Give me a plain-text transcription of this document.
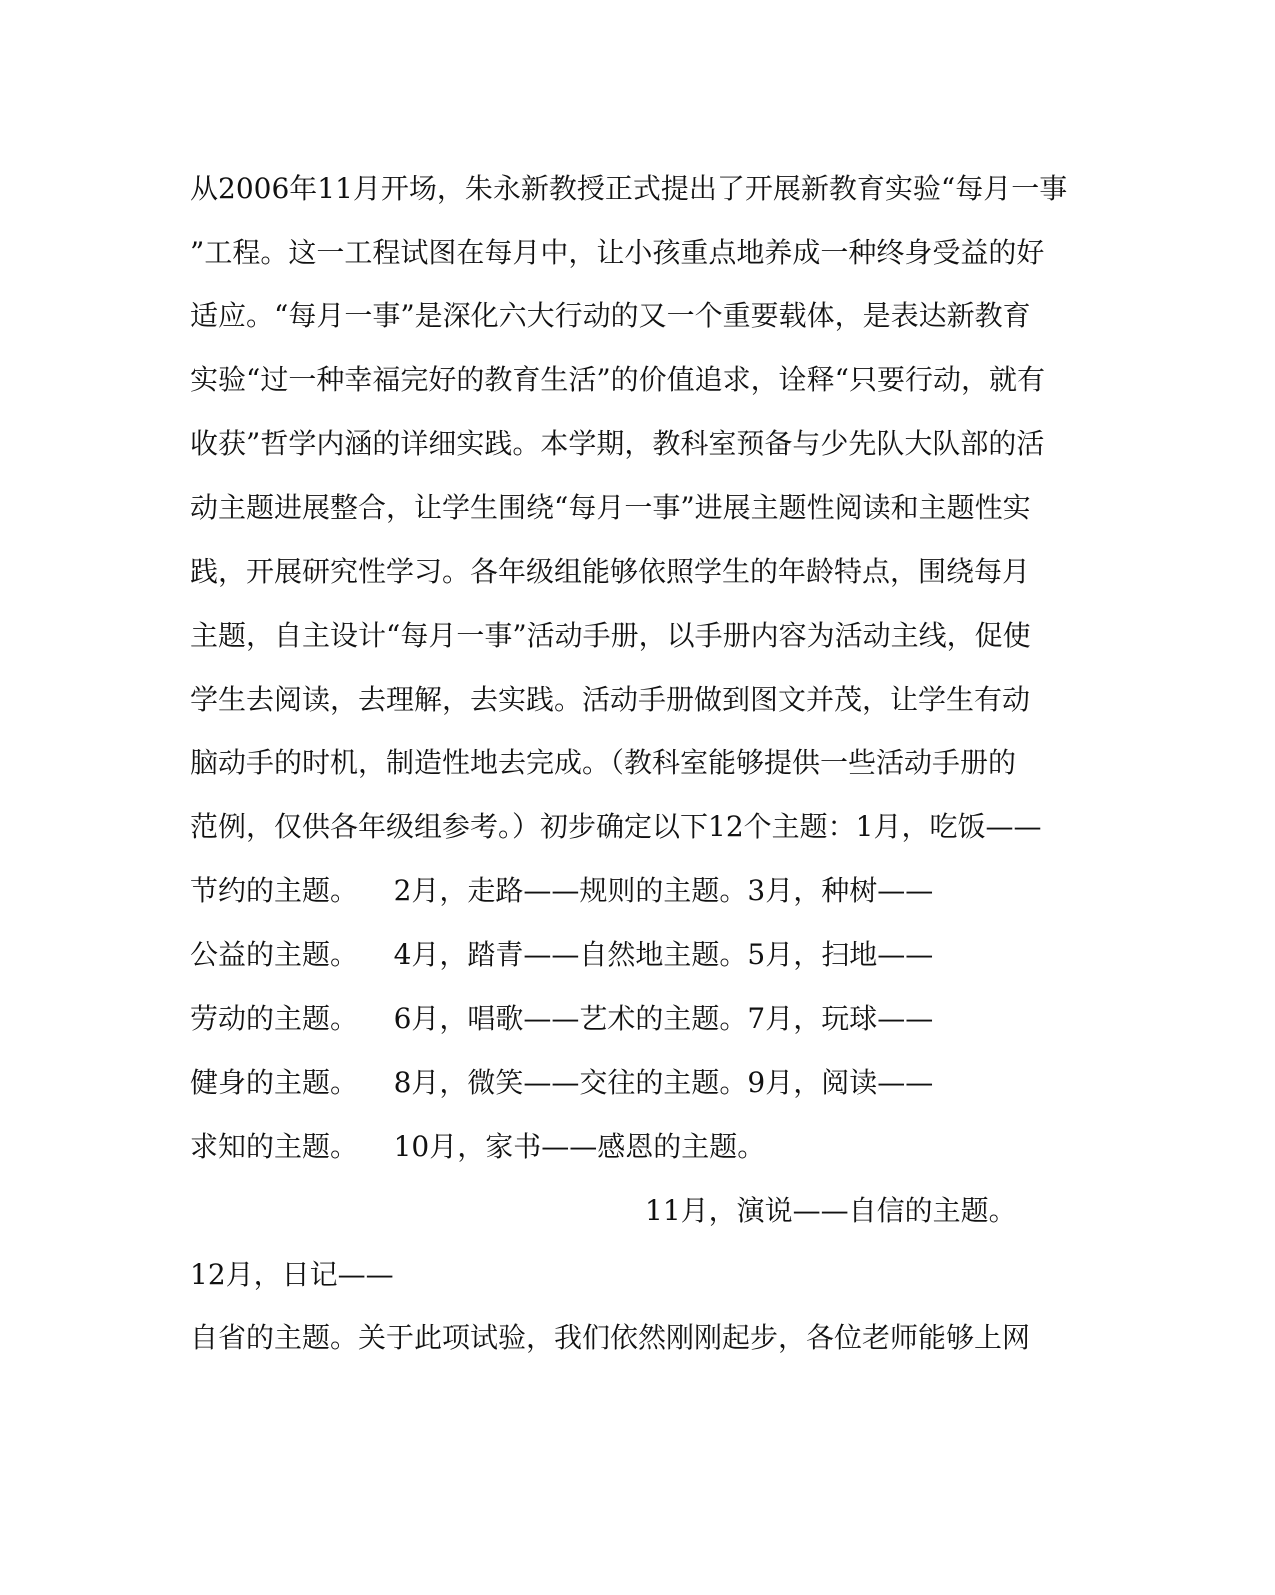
从2006年11月开场，朱永新教授正式提出了开展新教育实验“每月一事
”工程。这一工程试图在每月中，让小孩重点地养成一种终身受益的好
适应。“每月一事”是深化六大行动的又一个重要载体，是表达新教育
实验“过一种幸福完好的教育生活”的价值追求，诠释“只要行动，就有
收获”哲学内涵的详细实践。本学期，教科室预备与少先队大队部的活
动主题进展整合，让学生围绕“每月一事”进展主题性阅读和主题性实
践，开展研究性学习。各年级组能够依照学生的年龄特点，围绕每月
主题，自主设计“每月一事”活动手册，以手册内容为活动主线，促使
学生去阅读，去理解，去实践。活动手册做到图文并茂，让学生有动
脑动手的时机，制造性地去完成。（教科室能够提供一些活动手册的
范例，仅供各年级组参考。）初步确定以下12个主题：1月，吃饭——
节约的主题。    2月，走路——规则的主题。3月，种树——
公益的主题。    4月，踏青——自然地主题。5月，扫地——
劳动的主题。    6月，唱歌——艺术的主题。7月，玩球——
健身的主题。    8月，微笑——交往的主题。9月，阅读——
求知的主题。    10月，家书——感恩的主题。
11月，演说——自信的主题。
12月，日记——
自省的主题。关于此项试验，我们依然刚刚起步，各位老师能够上网
